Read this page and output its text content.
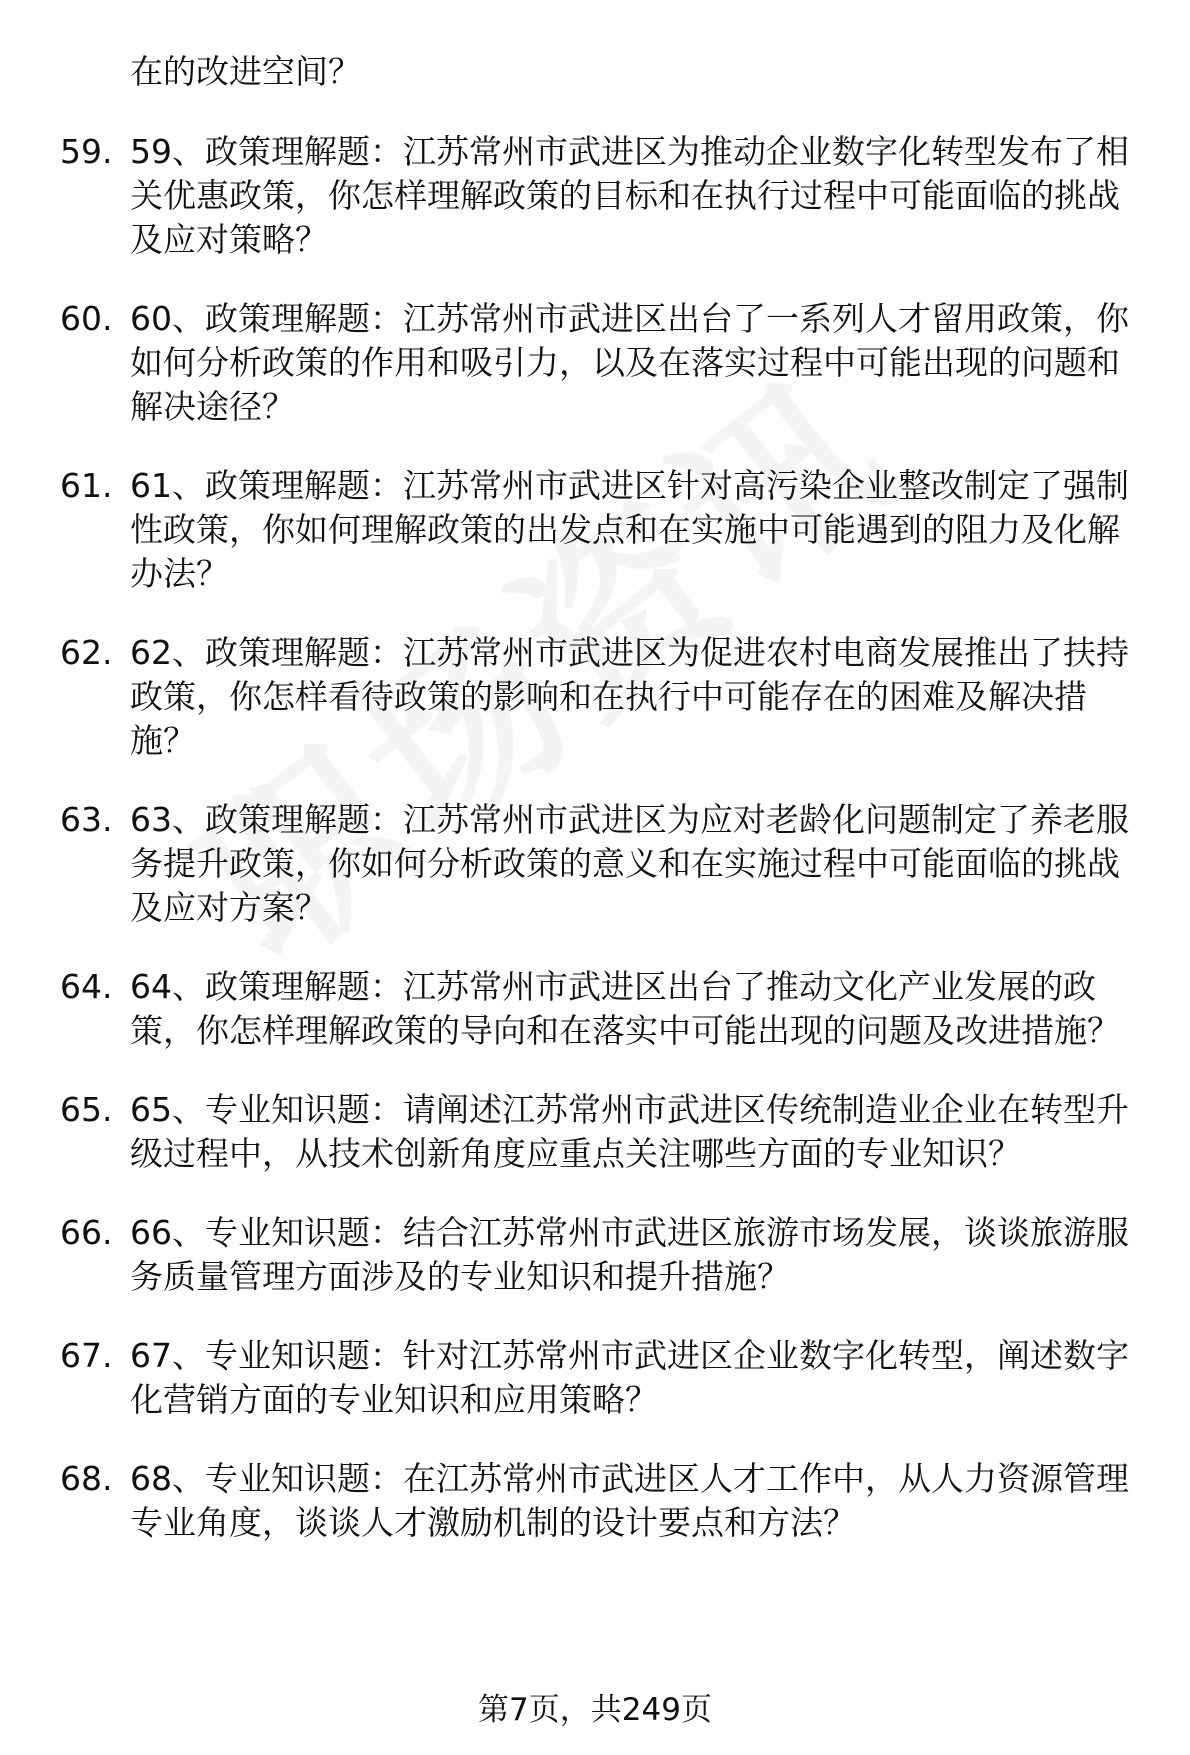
在的改进空间？
59. 59、政策理解题：江苏常州市武进区为推动企业数字化转型发布了相关优惠政策，你怎样理解政策的目标和在执行过程中可能面临的挑战及应对策略？
60. 60、政策理解题：江苏常州市武进区出台了一系列人才留用政策，你如何分析政策的作用和吸引力，以及在落实过程中可能出现的问题和解决途径？
61. 61、政策理解题：江苏常州市武进区针对高污染企业整改制定了强制性政策，你如何理解政策的出发点和在实施中可能遇到的阻力及化解办法？
62. 62、政策理解题：江苏常州市武进区为促进农村电商发展推出了扶持政策，你怎样看待政策的影响和在执行中可能存在的困难及解决措施？
63. 63、政策理解题：江苏常州市武进区为应对老龄化问题制定了养老服务提升政策，你如何分析政策的意义和在实施过程中可能面临的挑战及应对方案？
64. 64、政策理解题：江苏常州市武进区出台了推动文化产业发展的政策，你怎样理解政策的导向和在落实中可能出现的问题及改进措施？
65. 65、专业知识题：请阐述江苏常州市武进区传统制造业企业在转型升级过程中，从技术创新角度应重点关注哪些方面的专业知识？
66. 66、专业知识题：结合江苏常州市武进区旅游市场发展，谈谈旅游服务质量管理方面涉及的专业知识和提升措施？
67. 67、专业知识题：针对江苏常州市武进区企业数字化转型，阐述数字化营销方面的专业知识和应用策略？
68. 68、专业知识题：在江苏常州市武进区人才工作中，从人力资源管理专业角度，谈谈人才激励机制的设计要点和方法？
第7页，共249页
